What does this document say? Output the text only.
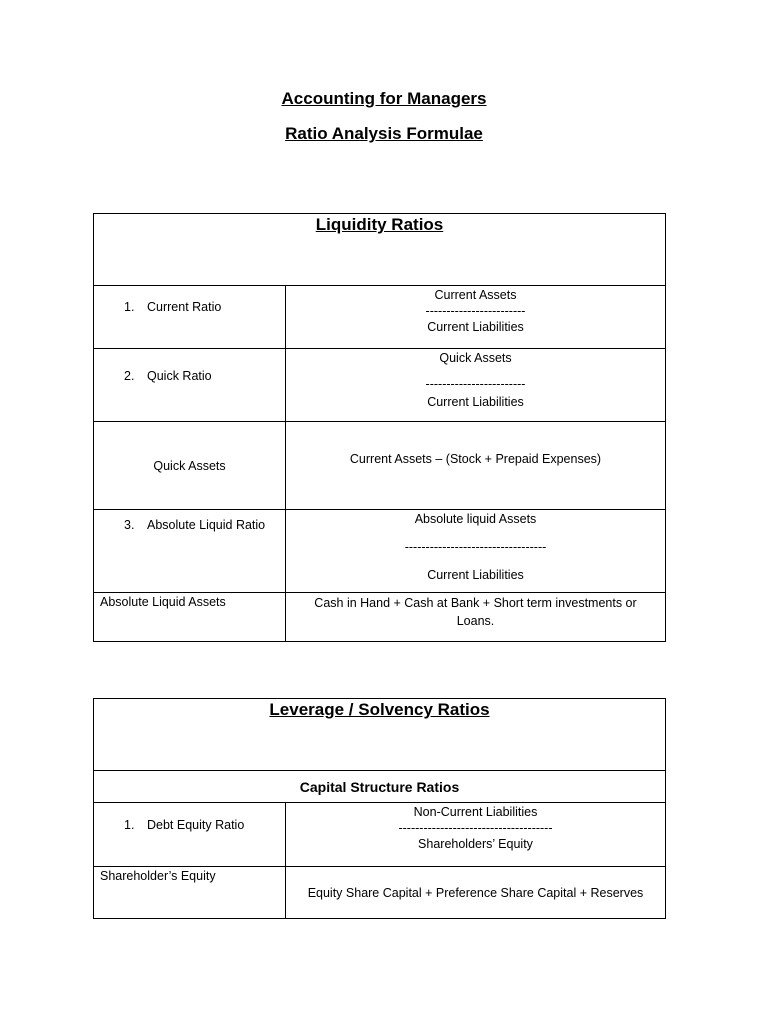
Accounting for Managers
Ratio Analysis Formulae
Liquidity Ratios	
1. Current Ratio	Current Assets
------------------------
Current Liabilities

2. Quick Ratio	Quick Assets
------------------------
Current Liabilities

Quick Assets	Current Assets – (Stock + Prepaid Expenses)
3. Absolute Liquid Ratio	Absolute liquid Assets
----------------------------------
Current Liabilities

Absolute Liquid Assets	Cash in Hand + Cash at Bank + Short term investments or
Loans.
Leverage / Solvency Ratios	
Capital Structure Ratios	
1. Debt Equity Ratio	Non-Current Liabilities
-------------------------------------
Shareholders’ Equity

Shareholder’s Equity	Equity Share Capital + Preference Share Capital + Reserves
